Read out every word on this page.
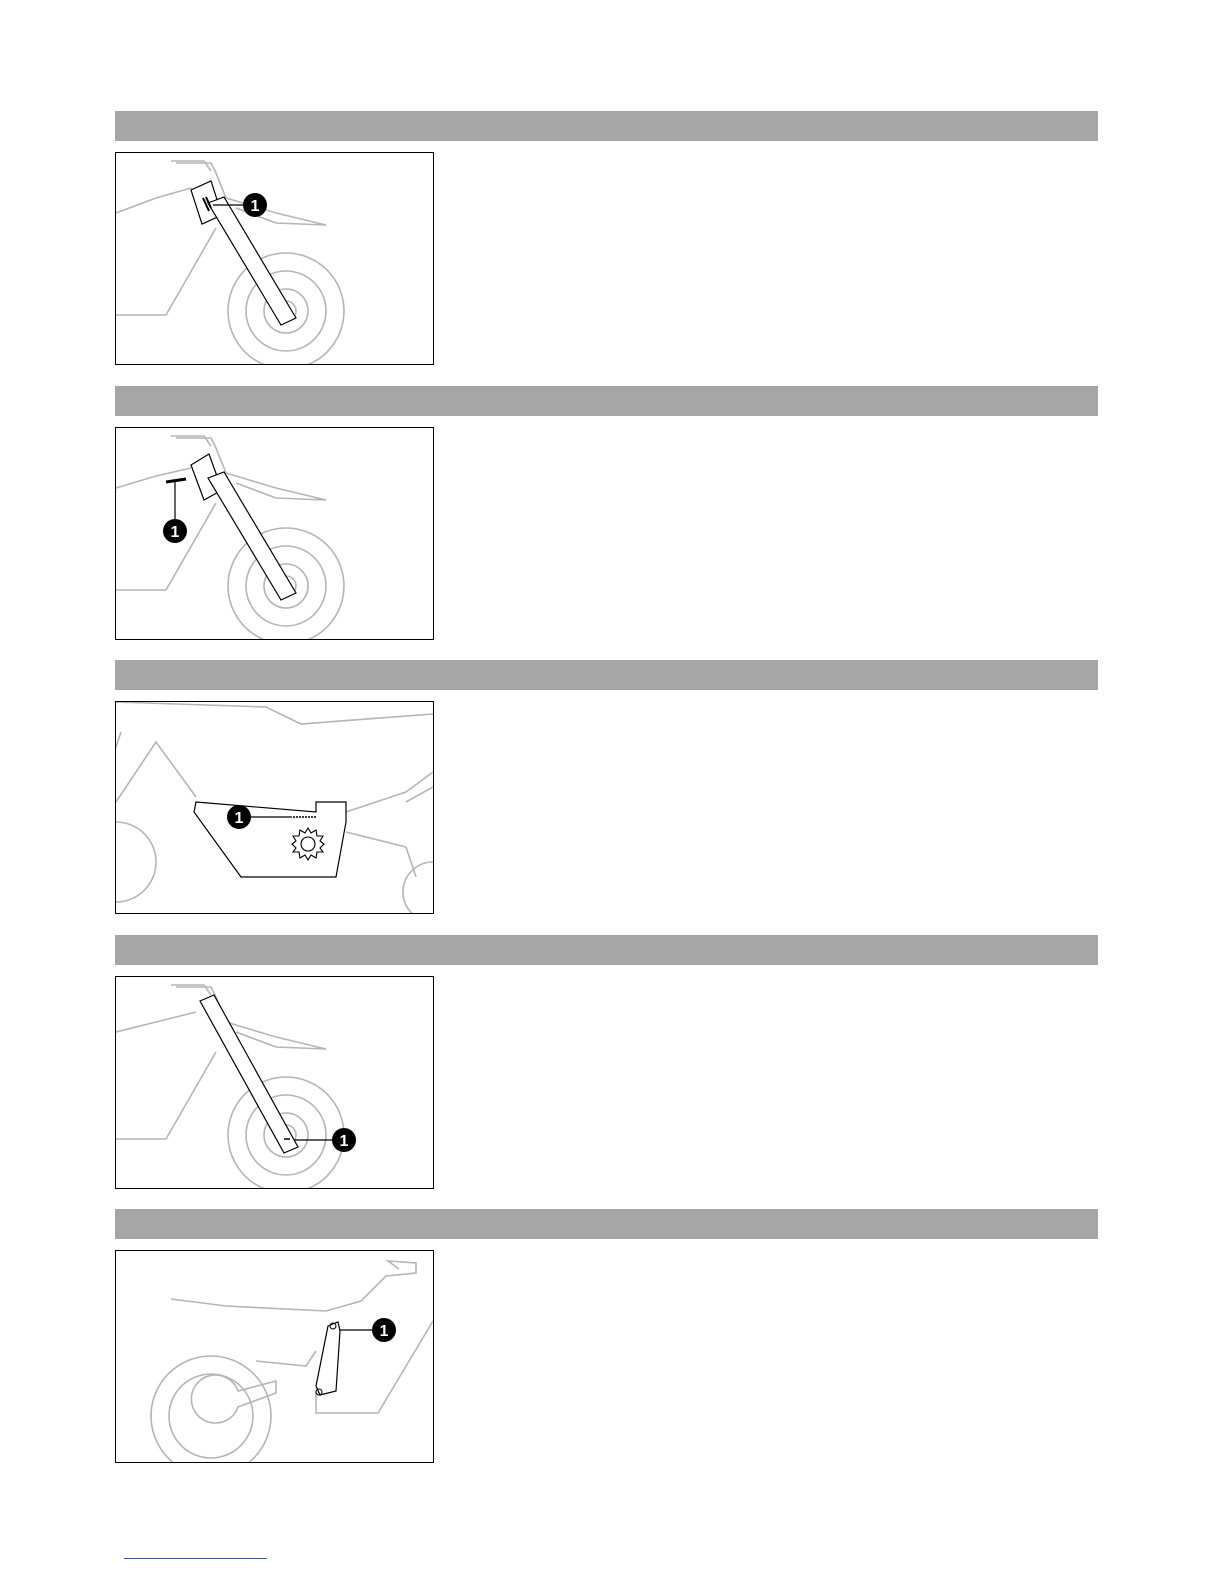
1
1
1
1
1
